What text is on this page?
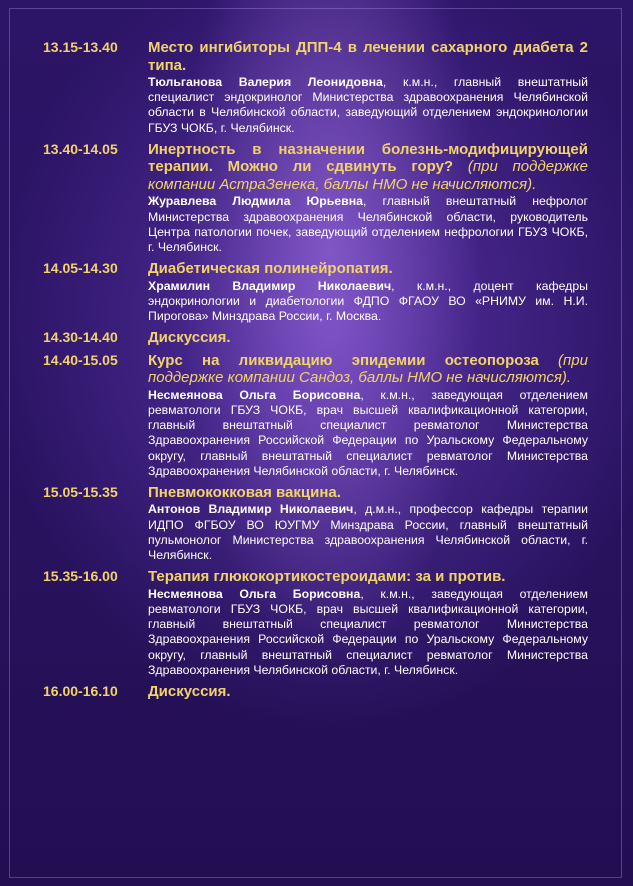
13.15-13.40	Место ингибиторы ДПП-4 в лечении сахарного диабета 2 типа.
Тюльганова Валерия Леонидовна, к.м.н., главный внештатный специалист эндокринолог Министерства здравоохранения Челябинской области в Челябинской области, заведующий отделением эндокринологии ГБУЗ ЧОКБ, г. Челябинск.
13.40-14.05	Инертность в назначении болезнь-модифицирующей терапии. Можно ли сдвинуть гору? (при поддержке компании АстраЗенека, баллы НМО не начисляются).
Журавлева Людмила Юрьевна, главный внештатный нефролог Министерства здравоохранения Челябинской области, руководитель Центра патологии почек, заведующий отделением нефрологии ГБУЗ ЧОКБ, г. Челябинск.
14.05-14.30	Диабетическая полинейропатия.
Храмилин Владимир Николаевич, к.м.н., доцент кафедры эндокринологии и диабетологии ФДПО ФГАОУ ВО «РНИМУ им. Н.И. Пирогова» Минздрава России, г. Москва.
14.30-14.40	Дискуссия.
14.40-15.05	Курс на ликвидацию эпидемии остеопороза (при поддержке компании Сандоз, баллы НМО не начисляются).
Несмеянова Ольга Борисовна, к.м.н., заведующая отделением ревматологи ГБУЗ ЧОКБ, врач высшей квалификационной категории, главный внештатный специалист ревматолог Министерства Здравоохранения Российской Федерации по Уральскому Федеральному округу, главный внештатный специалист ревматолог Министерства Здравоохранения Челябинской области, г. Челябинск.
15.05-15.35	Пневмококковая вакцина.
Антонов Владимир Николаевич, д.м.н., профессор кафедры терапии ИДПО ФГБОУ ВО ЮУГМУ Минздрава России, главный внештатный пульмонолог Министерства здравоохранения Челябинской области, г. Челябинск.
15.35-16.00	Терапия глюкокортикостероидами: за и против.
Несмеянова Ольга Борисовна, к.м.н., заведующая отделением ревматологи ГБУЗ ЧОКБ, врач высшей квалификационной категории, главный внештатный специалист ревматолог Министерства Здравоохранения Российской Федерации по Уральскому Федеральному округу, главный внештатный специалист ревматолог Министерства Здравоохранения Челябинской области, г. Челябинск.
16.00-16.10	Дискуссия.
